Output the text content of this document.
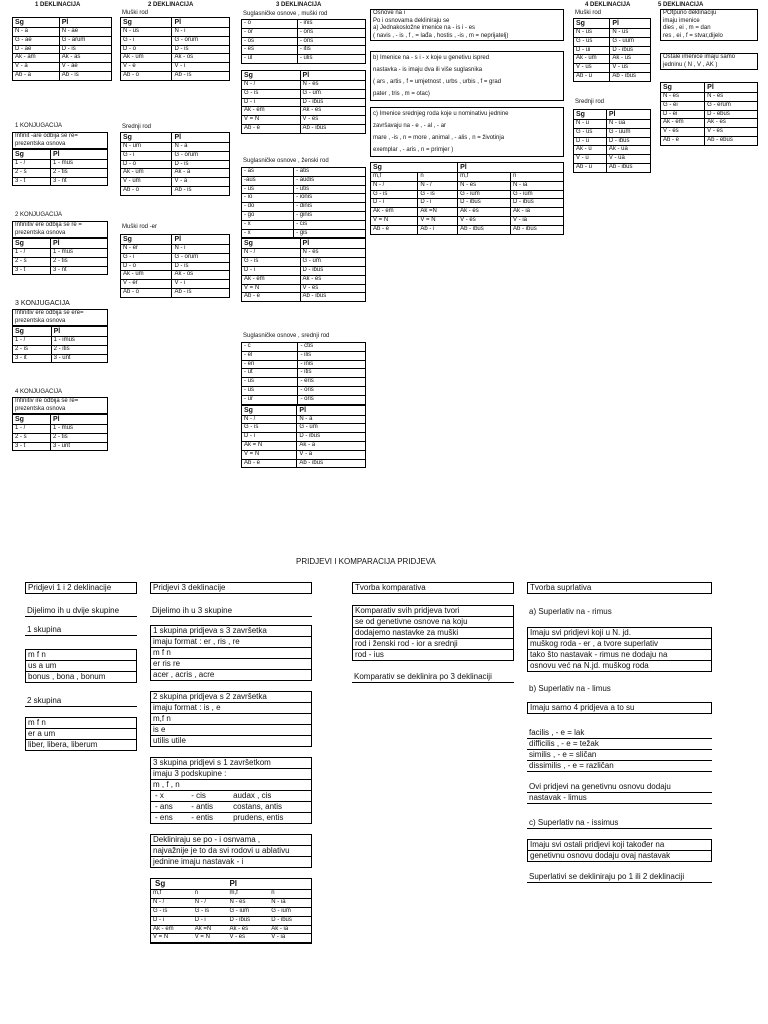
1 DEKLINACIJA
Sg	Pl
N - a	N - ae
G - ae	G - arum
D - ae	D - is
Ak - am	Ak - as
V - a	V - ae
Ab - a	Ab - is
2 DEKLINACIJA
Muški rod
Sg	Pl
N - us	N - i
G - i	G - orum
D - o	D - is
Ak - um	Ak - os
V - e	V - i
Ab - o	Ab - is
Srednji rod
Sg	Pl
N - um	N - a
G - i	G - orum
D - o	D - is
Ak - um	Ak - a
V - um	V - a
Ab - o	Ab - is
Muški rod -er
Sg	Pl
N - er	N - i
G - i	G - orum
D - o	D - is
Ak - um	Ak - os
V - er	V - i
Ab - o	Ab - is
1 KONJUGACIJA
Infinit -are odbija se re=
prezentska osnova
Sg	Pl
1 - /	1 - mus
2 - s	2 - tis
3 - t	3 - nt
2 KONJUGACIJA
Infinitiv ere odbija se re =
prezentska osnova
Sg	Pl
1 - /	1 - mus
2 - s	2 - tis
3 - t	3 - nt
3 KONJUGACIJA
Infinitiv ere odbija se ere=
prezentska osnova
Sg	Pl
1 - /	1 - imus
2 - is	2 - itis
3 - it	3 - unt
4 KONJUGACIJA
Infinitiv ire odbija se re=
prezentska osnova
Sg	Pl
1 - /	1 - mus
2 - s	2 - tis
3 - t	3 - unt
3 DEKLINACIJA
Suglasničke osnove , muški rod
- o	- inis
- or	- oris
- os	- oris
- es	- itis
- ul	- ulis
Sg	Pl
N - /	N - es
G - is	G - um
D - i	D - ibus
Ak - em	Ak - es
V = N	V - es
Ab - e	Ab - ibus
Suglasničke osnove , ženski rod
- as	- atis
-aus	- audis
- us	- utis
- io	- ionis
- do	- dinis
- go	- ginis
- x	- cis
- x	- gis
Sg	Pl
N - /	N - es
G - is	G - um
D - i	D - ibus
Ak - em	Ak - es
V = N	V - es
Ab - e	Ab - ibus
Suglasničke osnove , srednji rod
- c	- ctis
- el	- ilis
- en	- inis
- ut	- itis
- us	- eris
- us	- oris
- ur	- oris
Sg	Pl
N - /	N - a
G - is	G - um
D - i	D - ibus
Ak = N	Ak - a
V = N	V - a
Ab - e	Ab - ibus
Osnove na i
Po i osnovama dekliniraju se
a) Jednakosložne imenice na - is i - es
( navis , - is , f , = lađa , hostis , -is , m = neprijatelj)
b) Imenice na - s i - x koje u genetivu ispred
nastavka - is imaju dva ili više suglasnika
( ars , artis , f = umjetnost , urbs , urbis , f = grad
pater , tris , m = otac)
c) Imenice srednjeg roda koje u nominativu jednine
završavaju na - e , - al , - ar
mare , -is , n = more , animal , - alis , n = životinja
exemplar , - aris , n = primjer )
Sg		Pl	
m,f	n	m,f	n
N - /	N - /	N - es	N - ia
G - is	G - is	G - ium	G - ium
D - i	D - i	D - ibus	D - ibus
Ak - em	Ak =N	Ak - es	Ak - ia
V = N	V = N	V - es	V - ia
Ab - e	Ab - i	Ab - ibus	Ab - ibus
4 DEKLINACIJA
Muški rod
Sg	Pl
N - us	N - us
G - us	G - uum
D - ui	D - ibus
Ak - um	Ak - us
V - us	V - us
Ab - u	Ab - ibus
Srednji rod
Sg	Pl
N - u	N - ua
G - us	G - uum
D - u	D - ibus
Ak - u	Ak - ua
V - u	V - ua
Ab - u	Ab - ibus
5 DEKLINACIJA
POtpuno deklinaciju
imaju imenice
dies , ei , m = dan
res , ei , f = stvar,dijelo
Ostale imenice imaju samo
jedninu ( N , V , AK )
Sg	Pl
N - es	N - es
G - ei	G - erum
D - ei	D - ebus
Ak - em	Ak - es
V - es	V - es
Ab - e	Ab - ebus
PRIDJEVI I KOMPARACIJA PRIDJEVA
Pridjevi 1 i 2 deklinacije
Dijelimo ih u dvije skupine
1 skupina
m f n
us a um
bonus , bona , bonum
2 skupina
m f n
er a um
liber, libera, liberum
Pridjevi 3 deklinacije
Dijelimo ih u 3 skupine
1 skupina pridjeva s 3 završetka
imaju format : er , ris , re
m f n
er ris re
acer , acris , acre
2 skupina pridjeva s 2 završetka
imaju format : is , e
m,f n
is e
utilis utile
3 skupina pridjevi s 1 završetkom
imaju 3 podskupine :
m , f , n
- x	- cis	audax , cis
- ans	- antis	costans, antis
- ens	- entis	prudens, entis
Dekliniraju se po - i osnvama ,
najvažnije je to da svi rodovi u ablativu
jednine imaju nastavak - i
Sg		Pl	
m,f	n	m,f	n
N - /	N - /	N - es	N - ia
G - is	G - is	G - ium	G - ium
D - i	D - i	D - ibus	D - ibus
Ak - em	Ak =N	Ak - es	Ak - ia
V = N	V = N	V - es	V - ia
Tvorba komparativa
Komparativ svih pridjeva tvori
se od genetivne osnove na koju
dodajemo nastavke za muški
rod i ženski rod - ior a srednji
rod - ius
Komparativ se deklinira po 3 deklinaciji
Tvorba suprlativa
a) Superlativ na - rimus
Imaju svi pridjevi koji u N. jd.
muškog roda - er , a tvore superlativ
tako što nastavak - rimus ne dodaju na
osnovu već na N.jd. muškog roda
b) Superlativ na - limus
Imaju samo 4 pridjeva a to su
facilis , - e = lak
difficilis , - e = težak
similis , - e = sličan
dissimilis , - e = različan
Ovi pridjevi na genetivnu osnovu dodaju
nastavak - limus
c) Superlativ na - issimus
Imaju svi ostali pridjevi koji također na
genetivnu osnovu dodaju ovaj nastavak
Superlativi se dekliniraju po 1 ili 2 deklinaciji
